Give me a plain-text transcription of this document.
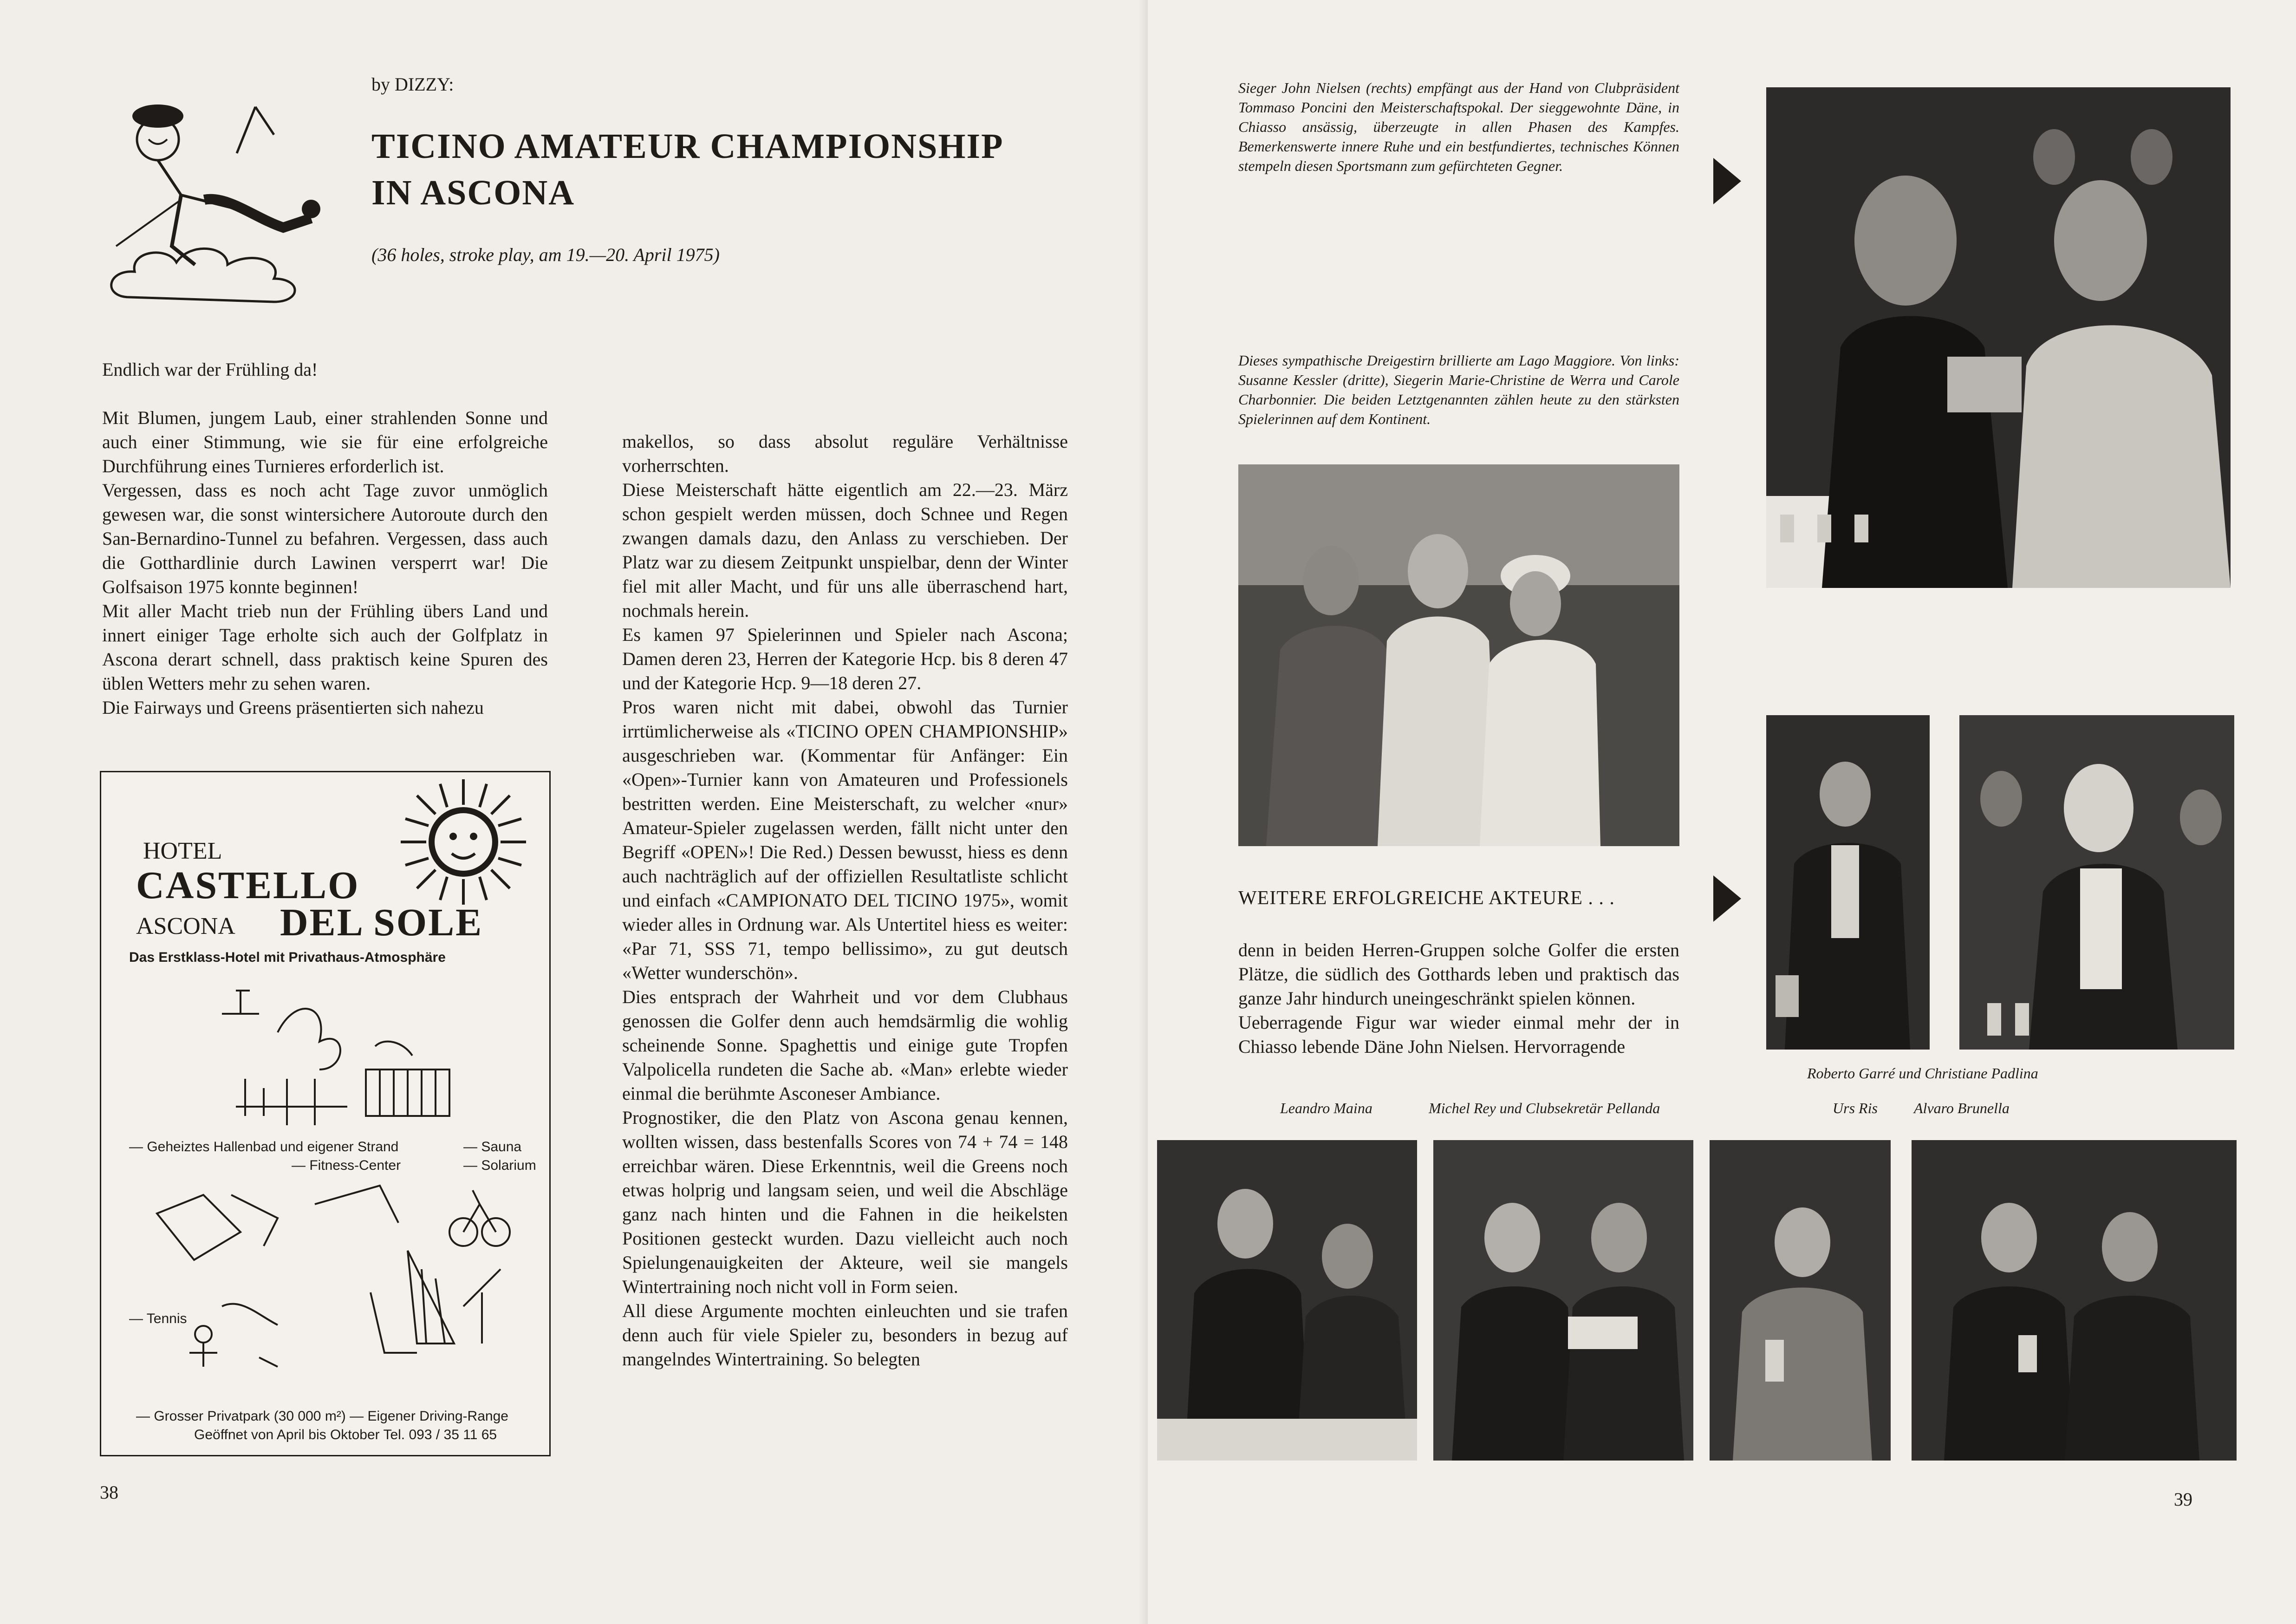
by DIZZY:
TICINO AMATEUR CHAMPIONSHIP
IN ASCONA
(36 holes, stroke play, am 19.—20. April 1975)

Endlich war der Frühling da!

Mit Blumen, jungem Laub, einer strahlenden Sonne und auch einer Stimmung, wie sie für eine erfolgreiche Durchführung eines Turnieres erforderlich ist.

Vergessen, dass es noch acht Tage zuvor unmöglich gewesen war, die sonst wintersichere Autoroute durch den San-Bernardino-Tunnel zu befahren. Vergessen, dass auch die Gotthardlinie durch Lawinen versperrt war! Die Golfsaison 1975 konnte beginnen!

Mit aller Macht trieb nun der Frühling übers Land und innert einiger Tage erholte sich auch der Golfplatz in Ascona derart schnell, dass praktisch keine Spuren des üblen Wetters mehr zu sehen waren.

Die Fairways und Greens präsentierten sich nahezu

HOTEL
CASTELLO
ASCONA DEL SOLE
Das Erstklass-Hotel mit Privathaus-Atmosphäre
— Geheiztes Hallenbad und eigener Strand	— Sauna
— Fitness-Center	— Solarium
— Tennis
— Grosser Privatpark (30 000 m²) — Eigener Driving-Range
Geöffnet von April bis Oktober Tel. 093 / 35 11 65

makellos, so dass absolut reguläre Verhältnisse vorherrschten.

Diese Meisterschaft hätte eigentlich am 22.—23. März schon gespielt werden müssen, doch Schnee und Regen zwangen damals dazu, den Anlass zu verschieben. Der Platz war zu diesem Zeitpunkt unspielbar, denn der Winter fiel mit aller Macht, und für uns alle überraschend hart, nochmals herein.

Es kamen 97 Spielerinnen und Spieler nach Ascona; Damen deren 23, Herren der Kategorie Hcp. bis 8 deren 47 und der Kategorie Hcp. 9—18 deren 27.

Pros waren nicht mit dabei, obwohl das Turnier irrtümlicherweise als «TICINO OPEN CHAMPIONSHIP» ausgeschrieben war. (Kommentar für Anfänger: Ein «Open»-Turnier kann von Amateuren und Professionels bestritten werden. Eine Meisterschaft, zu welcher «nur» Amateur-Spieler zugelassen werden, fällt nicht unter den Begriff «OPEN»! Die Red.) Dessen bewusst, hiess es denn auch nachträglich auf der offiziellen Resultatliste schlicht und einfach «CAMPIONATO DEL TICINO 1975», womit wieder alles in Ordnung war. Als Untertitel hiess es weiter: «Par 71, SSS 71, tempo bellissimo», zu gut deutsch «Wetter wunderschön».

Dies entsprach der Wahrheit und vor dem Clubhaus genossen die Golfer denn auch hemdsärmlig die wohlig scheinende Sonne. Spaghettis und einige gute Tropfen Valpolicella rundeten die Sache ab. «Man» erlebte wieder einmal die berühmte Asconeser Ambiance.

Prognostiker, die den Platz von Ascona genau kennen, wollten wissen, dass bestenfalls Scores von 74 + 74 = 148 erreichbar wären. Diese Erkenntnis, weil die Greens noch etwas holprig und langsam seien, und weil die Abschläge ganz nach hinten und die Fahnen in die heikelsten Positionen gesteckt wurden. Dazu vielleicht auch noch Spielungenauigkeiten der Akteure, weil sie mangels Wintertraining noch nicht voll in Form seien.

All diese Argumente mochten einleuchten und sie trafen denn auch für viele Spieler zu, besonders in bezug auf mangelndes Wintertraining. So belegten

38
Sieger John Nielsen (rechts) empfängt aus der Hand von Clubpräsident Tommaso Poncini den Meisterschaftspokal. Der sieggewohnte Däne, in Chiasso ansässig, überzeugte in allen Phasen des Kampfes. Bemerkenswerte innere Ruhe und ein bestfundiertes, technisches Können stempeln diesen Sportsmann zum gefürchteten Gegner.
Dieses sympathische Dreigestirn brillierte am Lago Maggiore. Von links: Susanne Kessler (dritte), Siegerin Marie-Christine de Werra und Carole Charbonnier. Die beiden Letztgenannten zählen heute zu den stärksten Spielerinnen auf dem Kontinent.
WEITERE ERFOLGREICHE AKTEURE . . .

denn in beiden Herren-Gruppen solche Golfer die ersten Plätze, die südlich des Gotthards leben und praktisch das ganze Jahr hindurch uneingeschränkt spielen können.

Ueberragende Figur war wieder einmal mehr der in Chiasso lebende Däne John Nielsen. Hervorragende

Roberto Garré und Christiane Padlina
Leandro Maina	Michel Rey und Clubsekretär Pellanda	Urs Ris Alvaro Brunella
39
